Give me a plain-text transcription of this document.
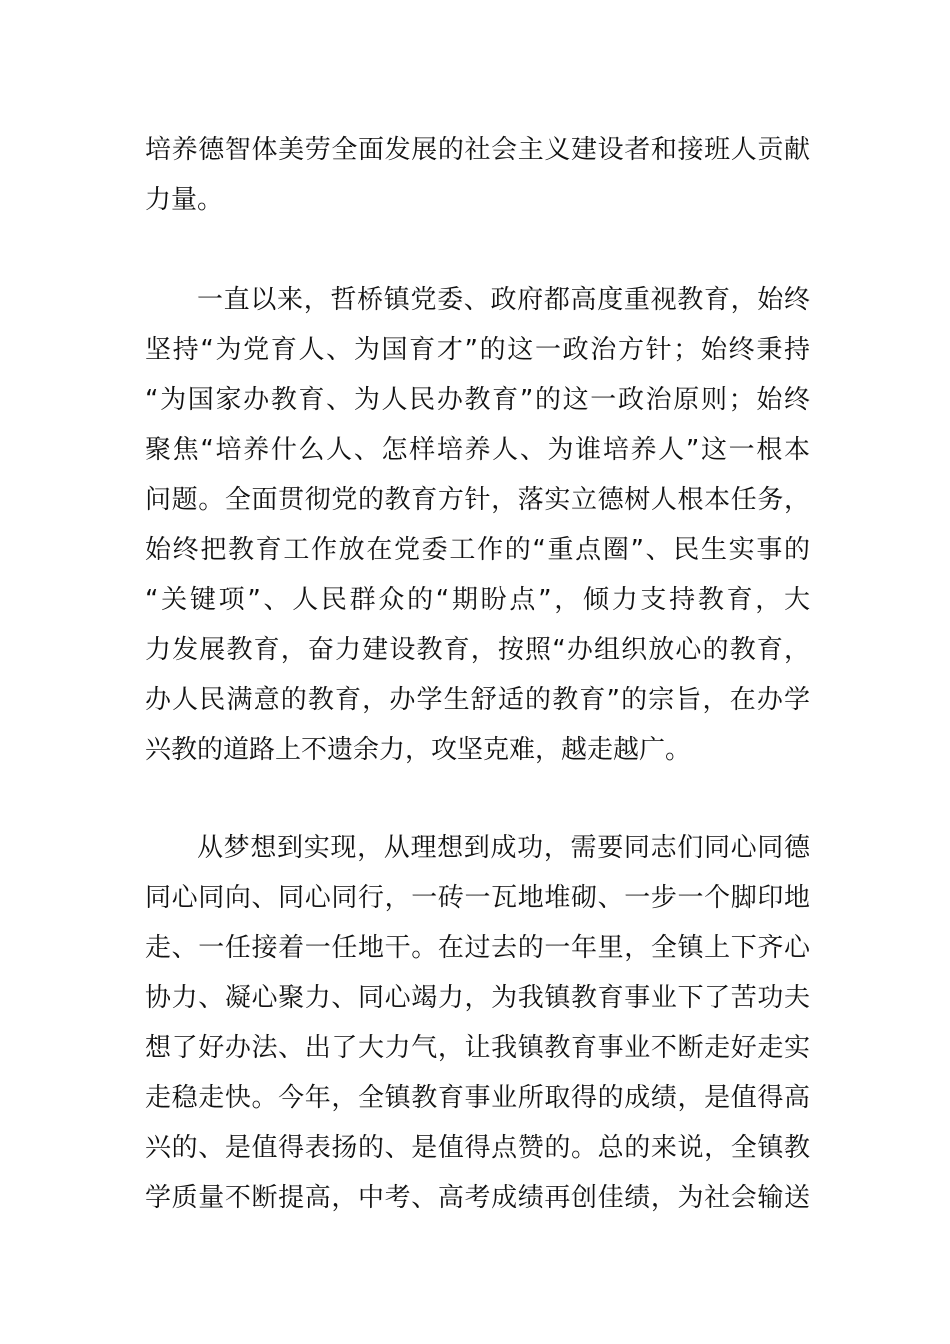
培养德智体美劳全面发展的社会主义建设者和接班人贡献
力量。
一直以来，哲桥镇党委、政府都高度重视教育，始终
坚持“为党育人、为国育才”的这一政治方针；始终秉持
“为国家办教育、为人民办教育”的这一政治原则；始终
聚焦“培养什么人、怎样培养人、为谁培养人”这一根本
问题。全面贯彻党的教育方针，落实立德树人根本任务，
始终把教育工作放在党委工作的“重点圈”、民生实事的
“关键项”、人民群众的“期盼点”，倾力支持教育，大
力发展教育，奋力建设教育，按照“办组织放心的教育，
办人民满意的教育，办学生舒适的教育”的宗旨，在办学
兴教的道路上不遗余力，攻坚克难，越走越广。
从梦想到实现，从理想到成功，需要同志们同心同德
同心同向、同心同行，一砖一瓦地堆砌、一步一个脚印地
走、一任接着一任地干。在过去的一年里，全镇上下齐心
协力、凝心聚力、同心竭力，为我镇教育事业下了苦功夫
想了好办法、出了大力气，让我镇教育事业不断走好走实
走稳走快。今年，全镇教育事业所取得的成绩，是值得高
兴的、是值得表扬的、是值得点赞的。总的来说，全镇教
学质量不断提高，中考、高考成绩再创佳绩，为社会输送
